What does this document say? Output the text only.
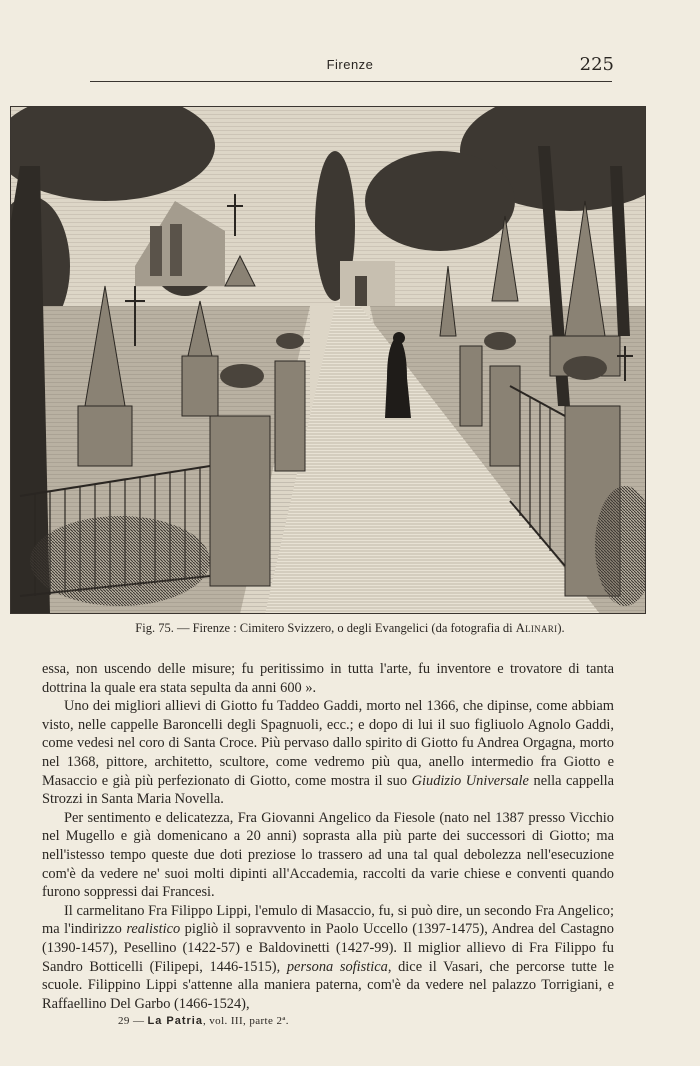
Firenze	225
Fig. 75. — Firenze : Cimitero Svizzero, o degli Evangelici (da fotografia di Alinari).

essa, non uscendo delle misure; fu peritissimo in tutta l'arte, fu inventore e trovatore di tanta dottrina la quale era stata sepulta da anni 600 ».

Uno dei migliori allievi di Giotto fu Taddeo Gaddi, morto nel 1366, che dipinse, come abbiam visto, nelle cappelle Baroncelli degli Spagnuoli, ecc.; e dopo di lui il suo figliuolo Agnolo Gaddi, come vedesi nel coro di Santa Croce. Più pervaso dallo spirito di Giotto fu Andrea Orgagna, morto nel 1368, pittore, architetto, scultore, come vedremo più qua, anello intermedio fra Giotto e Masaccio e già più perfezionato di Giotto, come mostra il suo Giudizio Universale nella cappella Strozzi in Santa Maria Novella.

Per sentimento e delicatezza, Fra Giovanni Angelico da Fiesole (nato nel 1387 presso Vicchio nel Mugello e già domenicano a 20 anni) soprasta alla più parte dei successori di Giotto; ma nell'istesso tempo queste due doti preziose lo trassero ad una tal qual debolezza nell'esecuzione com'è da vedere ne' suoi molti dipinti all'Accademia, raccolti da varie chiese e conventi quando furono soppressi dai Francesi.

Il carmelitano Fra Filippo Lippi, l'emulo di Masaccio, fu, si può dire, un secondo Fra Angelico; ma l'indirizzo realistico pigliò il sopravvento in Paolo Uccello (1397-1475), Andrea del Castagno (1390-1457), Pesellino (1422-57) e Baldovinetti (1427-99). Il miglior allievo di Fra Filippo fu Sandro Botticelli (Filipepi, 1446-1515), persona sofistica, dice il Vasari, che percorse tutte le scuole. Filippino Lippi s'attenne alla maniera paterna, com'è da vedere nel palazzo Torrigiani, e Raffaellino Del Garbo (1466-1524),

29 — La Patria, vol. III, parte 2ª.
